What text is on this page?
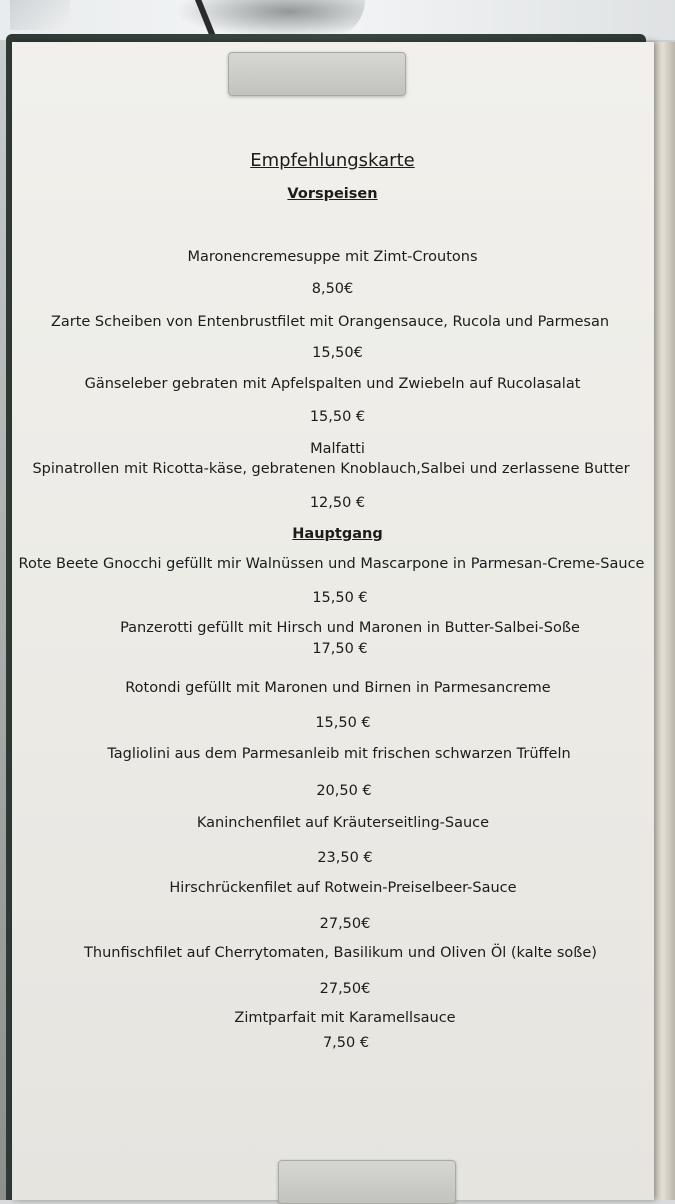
Empfehlungskarte
Vorspeisen
Maronencremesuppe mit Zimt-Croutons
8,50€
Zarte Scheiben von Entenbrustfilet mit Orangensauce, Rucola und Parmesan
15,50€
Gänseleber gebraten mit Apfelspalten und Zwiebeln auf Rucolasalat
15,50 €
Malfatti
Spinatrollen mit Ricotta-käse, gebratenen Knoblauch,Salbei und zerlassene Butter
12,50 €
Hauptgang
Rote Beete Gnocchi gefüllt mir Walnüssen und Mascarpone in Parmesan-Creme-Sauce
15,50 €
Panzerotti gefüllt mit Hirsch und Maronen in Butter-Salbei-Soße
17,50 €
Rotondi gefüllt mit Maronen und Birnen in Parmesancreme
15,50 €
Tagliolini aus dem Parmesanleib mit frischen schwarzen Trüffeln
20,50 €
Kaninchenfilet auf Kräuterseitling-Sauce
23,50 €
Hirschrückenfilet auf Rotwein-Preiselbeer-Sauce
27,50€
Thunfischfilet auf Cherrytomaten, Basilikum und Oliven Öl (kalte soße)
27,50€
Zimtparfait mit Karamellsauce
7,50 €
